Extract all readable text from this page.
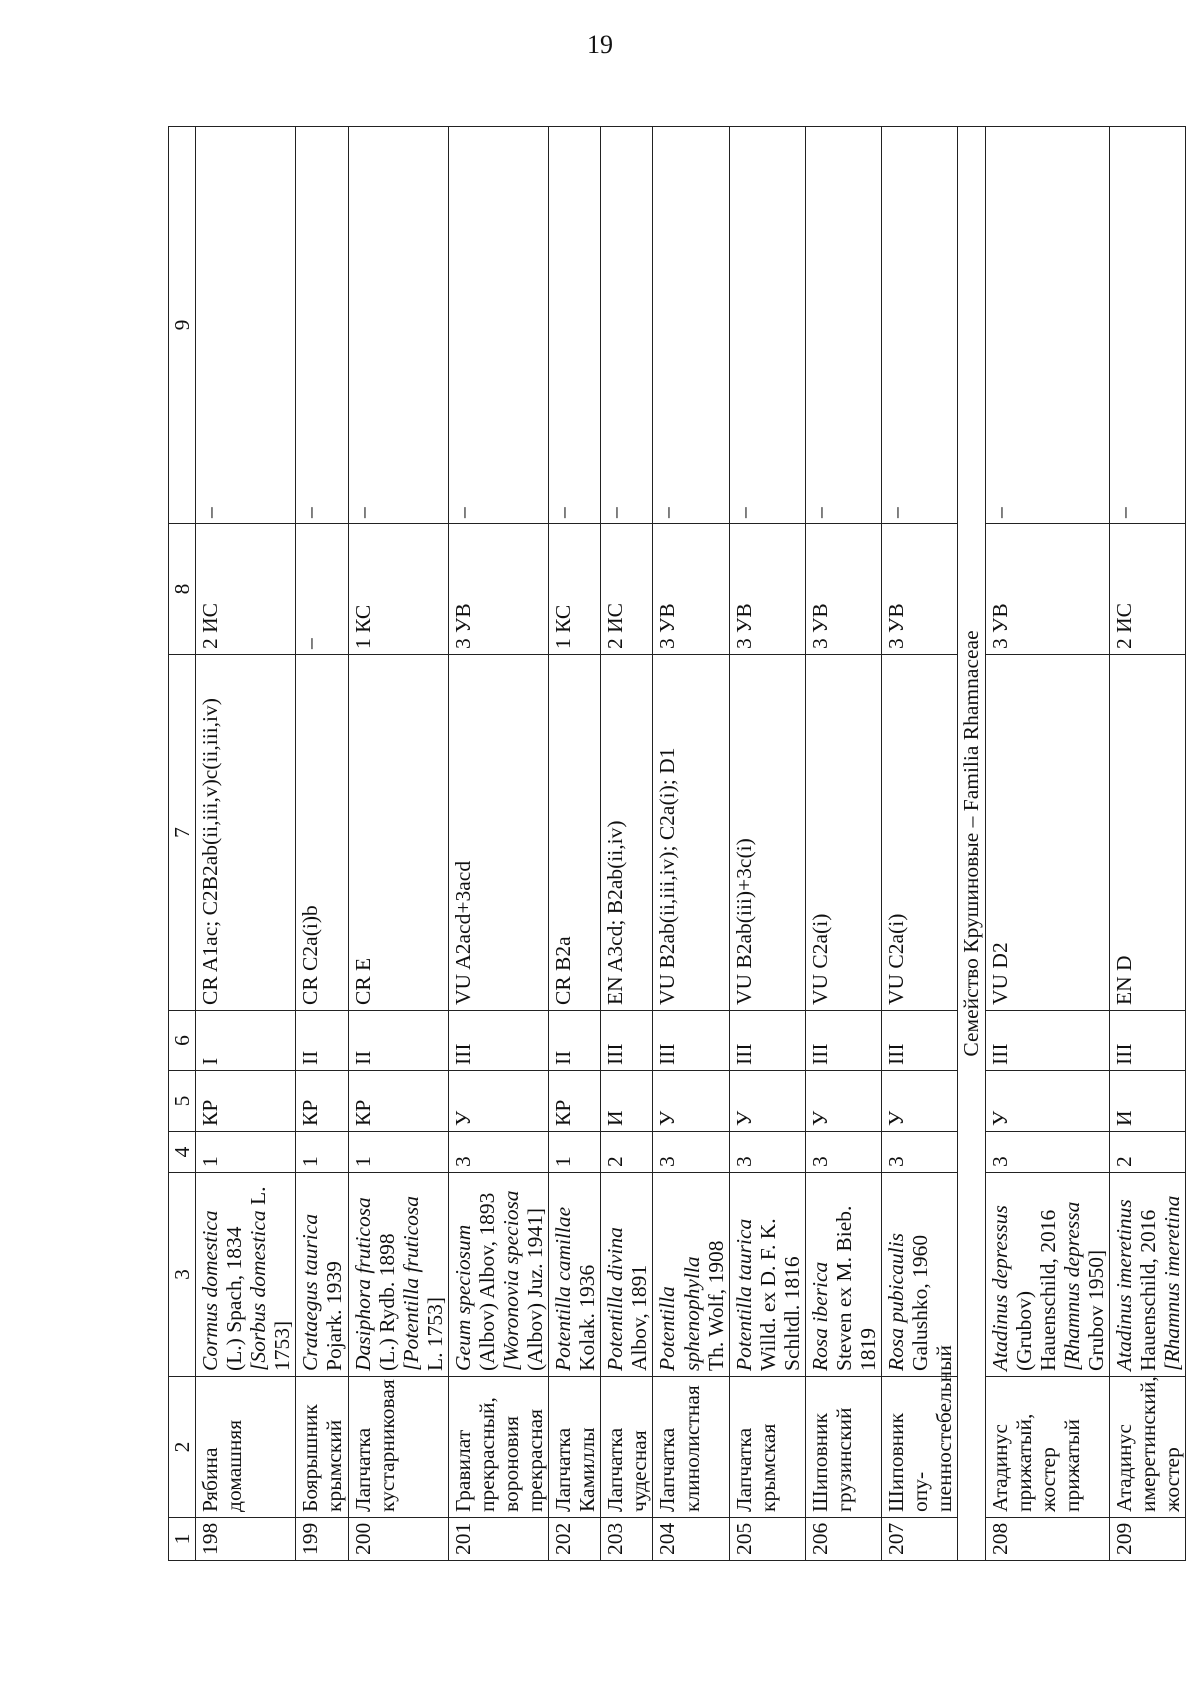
19
1	2	3	4	5	6	7	8	9
198	Рябина домашняя	Cormus domestica
(L.) Spach, 1834
[Sorbus domestica L. 1753]	1	КР	I	CR A1ac; C2B2ab(ii,iii,v)c(ii,iii,iv)	2 ИС	–
199	Боярышник крымский	Crataegus taurica
Pojark. 1939	1	КР	II	CR C2a(i)b	–	–
200	Лапчатка кустарниковая	Dasiphora fruticosa
(L.) Rydb. 1898
[Potentilla fruticosa L. 1753]	1	КР	II	CR E	1 КС	–
201	Гравилат прекрасный, вороновия прекрасная	Geum speciosum
(Albov) Albov, 1893
[Woronovia speciosa (Albov) Juz. 1941]	3	У	III	VU A2acd+3acd	3 УВ	–
202	Лапчатка Камиллы	Potentilla camillae
Kolak. 1936	1	КР	II	CR B2a	1 КС	–
203	Лапчатка чудесная	Potentilla divina
Albov, 1891	2	И	III	EN A3cd; B2ab(ii,iv)	2 ИС	–
204	Лапчатка клинолистная	Potentilla sphenophylla
Th. Wolf, 1908	3	У	III	VU B2ab(ii,iii,iv); C2a(i); D1	3 УВ	–
205	Лапчатка крымская	Potentilla taurica
Willd. ex D. F. K. Schltdl. 1816	3	У	III	VU B2ab(iii)+3c(i)	3 УВ	–
206	Шиповник грузинский	Rosa iberica
Steven ex M. Bieb. 1819	3	У	III	VU C2a(i)	3 УВ	–
207	Шиповник опу-шенностебельный	Rosa pubicaulis
Galushko, 1960	3	У	III	VU C2a(i)	3 УВ	–
Семейство Крушиновые – Familia Rhamnaceae								
208	Атадинус прижатый, жостер прижатый	Atadinus depressus
(Grubov) Hauenschild, 2016
[Rhamnus depressa
Grubov 1950]	3	У	III	VU D2	3 УВ	–
209	Атадинус имеретинский, жостер	Atadinus imeretinus
Hauenschild, 2016
[Rhamnus imeretina	2	И	III	EN D	2 ИС	–
